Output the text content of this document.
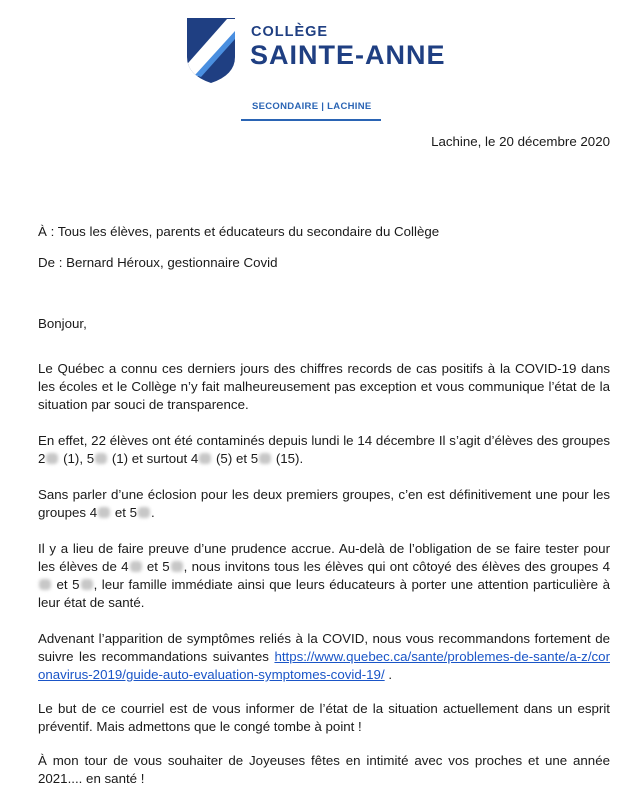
COLLÈGE
SAINTE-ANNE
SECONDAIRE | LACHINE
Lachine, le 20 décembre 2020
À : Tous les élèves, parents et éducateurs du secondaire du Collège
De : Bernard Héroux, gestionnaire Covid
Bonjour,
Le Québec a connu ces derniers jours des chiffres records de cas positifs à la COVID-19 dans les écoles et le Collège n’y fait malheureusement pas exception et vous communique l’état de la situation par souci de transparence.
En effet, 22 élèves ont été contaminés depuis lundi le 14 décembre Il s’agit d’élèves des groupes 2 (1), 5 (1) et surtout 4 (5) et 5 (15).
Sans parler d’une éclosion pour les deux premiers groupes, c’en est définitivement une pour les groupes 4 et 5 .
Il y a lieu de faire preuve d’une prudence accrue. Au-delà de l’obligation de se faire tester pour les élèves de 4 et 5 , nous invitons tous les élèves qui ont côtoyé des élèves des groupes 4 et 5 , leur famille immédiate ainsi que leurs éducateurs à porter une attention particulière à leur état de santé.
Advenant l’apparition de symptômes reliés à la COVID, nous vous recommandons fortement de suivre les recommandations suivantes https://www.quebec.ca/sante/problemes-de-sante/a-z/coronavirus-2019/guide-auto-evaluation-symptomes-covid-19/ .
Le but de ce courriel est de vous informer de l’état de la situation actuellement dans un esprit préventif. Mais admettons que le congé tombe à point !
À mon tour de vous souhaiter de Joyeuses fêtes en intimité avec vos proches et une année 2021.... en santé !
